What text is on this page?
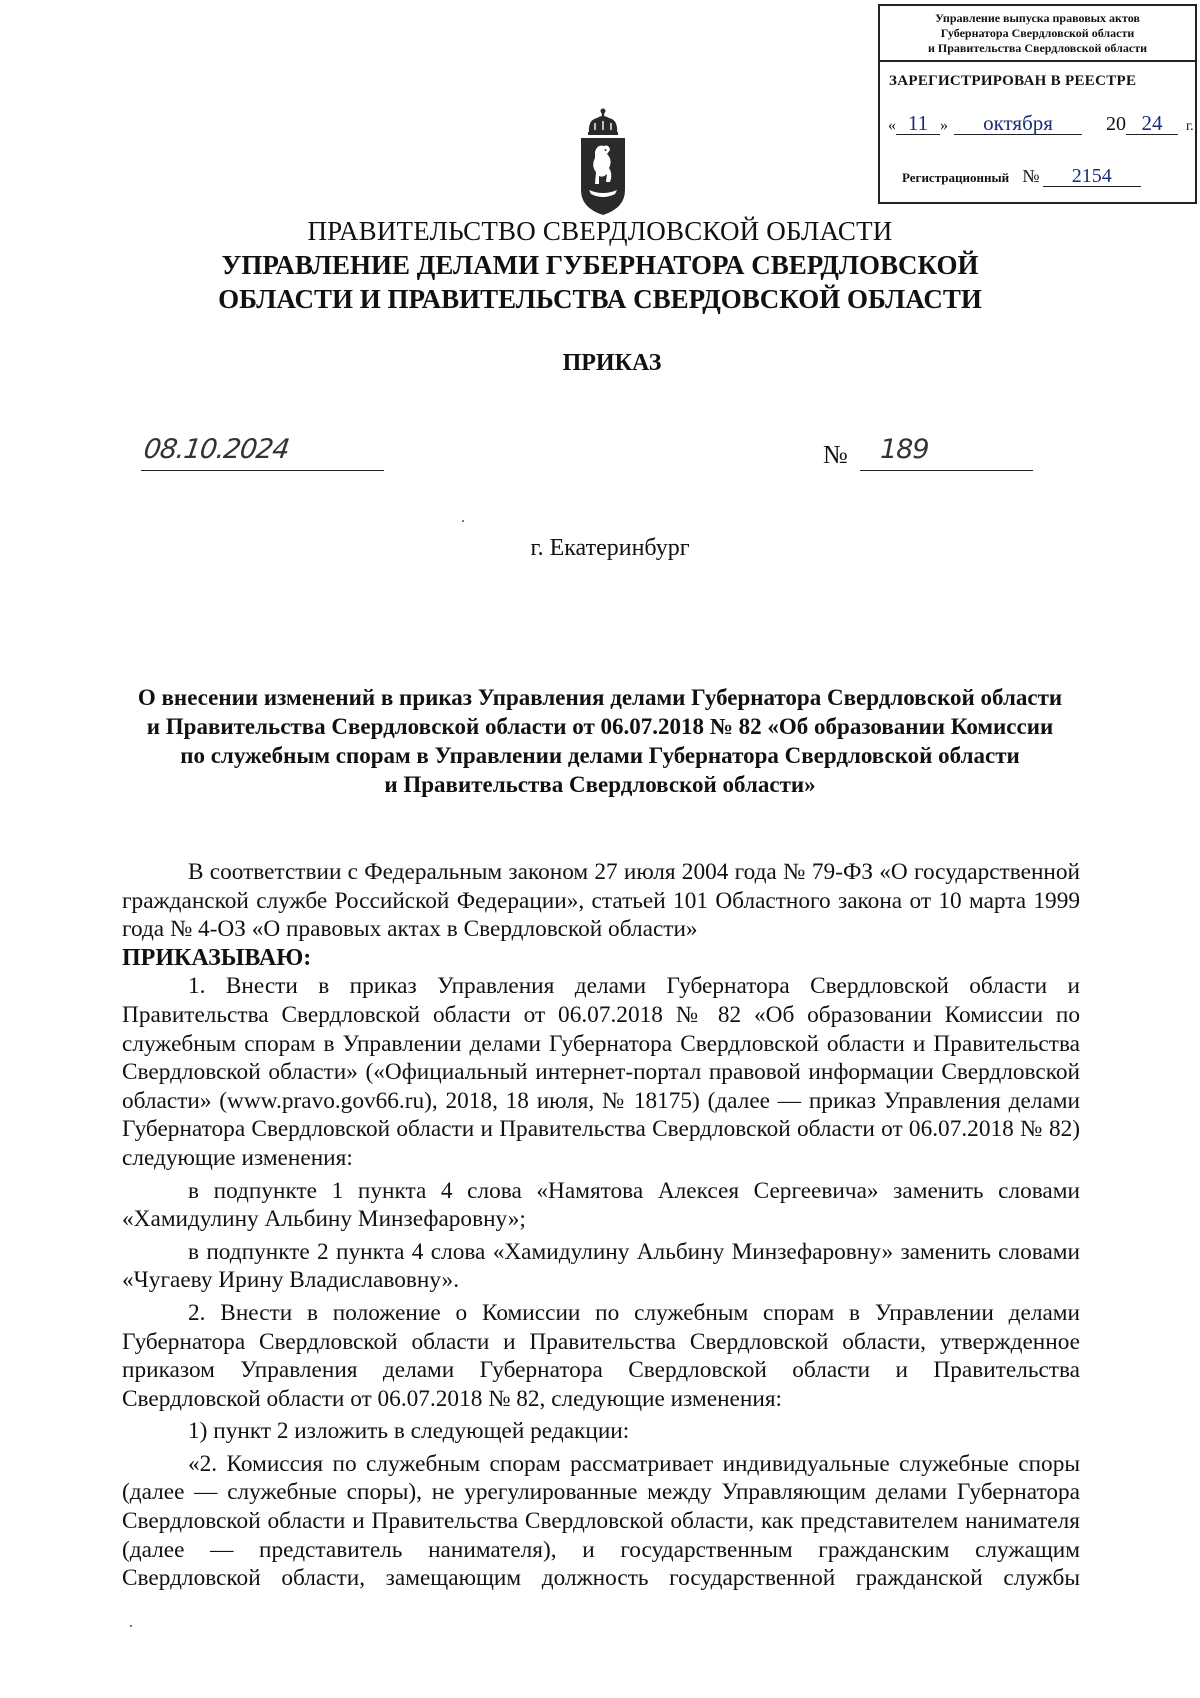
Управление выпуска правовых актов
Губернатора Свердловской области
и Правительства Свердловской области
ЗАРЕГИСТРИРОВАН В РЕЕСТРЕ
« 11 » октября	20 24 г.
Регистрационный № 2154
ПРАВИТЕЛЬСТВО СВЕРДЛОВСКОЙ ОБЛАСТИ
УПРАВЛЕНИЕ ДЕЛАМИ ГУБЕРНАТОРА СВЕРДЛОВСКОЙ
ОБЛАСТИ И ПРАВИТЕЛЬСТВА СВЕРДОВСКОЙ ОБЛАСТИ
ПРИКАЗ
08.10.2024	№ 189
г. Екатеринбург
О внесении изменений в приказ Управления делами Губернатора Свердловской области
и Правительства Свердловской области от 06.07.2018 № 82 «Об образовании Комиссии
по служебным спорам в Управлении делами Губернатора Свердловской области
и Правительства Свердловской области»

В соответствии с Федеральным законом 27 июля 2004 года № 79-ФЗ «О государственной гражданской службе Российской Федерации», статьей 101 Областного закона от 10 марта 1999 года № 4-ОЗ «О правовых актах в Свердловской области»

ПРИКАЗЫВАЮ:

1. Внести в приказ Управления делами Губернатора Свердловской области и Правительства Свердловской области от 06.07.2018 № 82 «Об образовании Комиссии по служебным спорам в Управлении делами Губернатора Свердловской области и Правительства Свердловской области» («Официальный интернет-портал правовой информации Свердловской области» (www.pravo.gov66.ru), 2018, 18 июля, № 18175) (далее — приказ Управления делами Губернатора Свердловской области и Правительства Свердловской области от 06.07.2018 № 82) следующие изменения:

в подпункте 1 пункта 4 слова «Намятова Алексея Сергеевича» заменить словами «Хамидулину Альбину Минзефаровну»;

в подпункте 2 пункта 4 слова «Хамидулину Альбину Минзефаровну» заменить словами «Чугаеву Ирину Владиславовну».

2. Внести в положение о Комиссии по служебным спорам в Управлении делами Губернатора Свердловской области и Правительства Свердловской области, утвержденное приказом Управления делами Губернатора Свердловской области и Правительства Свердловской области от 06.07.2018 № 82, следующие изменения:

1) пункт 2 изложить в следующей редакции:

«2. Комиссия по служебным спорам рассматривает индивидуальные служебные споры (далее — служебные споры), не урегулированные между Управляющим делами Губернатора Свердловской области и Правительства Свердловской области, как представителем нанимателя (далее — представитель нанимателя), и государственным гражданским служащим Свердловской области, замещающим должность государственной гражданской службы
